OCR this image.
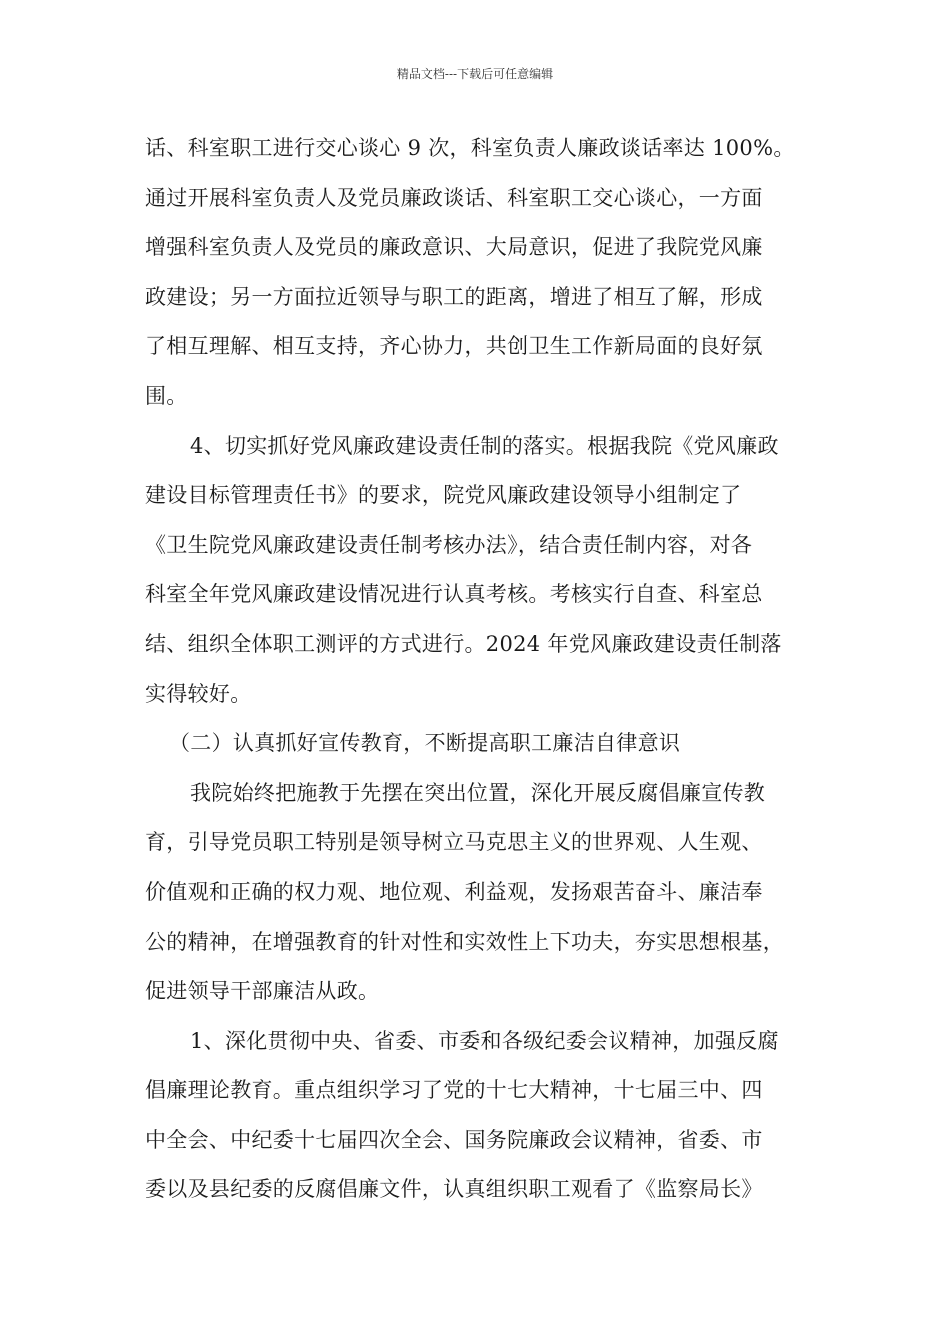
精品文档---下载后可任意编辑
话、科室职工进行交心谈心 9 次，科室负责人廉政谈话率达 100%。
通过开展科室负责人及党员廉政谈话、科室职工交心谈心，一方面
增强科室负责人及党员的廉政意识、大局意识，促进了我院党风廉
政建设；另一方面拉近领导与职工的距离，增进了相互了解，形成
了相互理解、相互支持，齐心协力，共创卫生工作新局面的良好氛
围。
4、切实抓好党风廉政建设责任制的落实。根据我院《党风廉政
建设目标管理责任书》的要求，院党风廉政建设领导小组制定了
《卫生院党风廉政建设责任制考核办法》，结合责任制内容，对各
科室全年党风廉政建设情况进行认真考核。考核实行自查、科室总
结、组织全体职工测评的方式进行。2024 年党风廉政建设责任制落
实得较好。
（二）认真抓好宣传教育，不断提高职工廉洁自律意识
我院始终把施教于先摆在突出位置，深化开展反腐倡廉宣传教
育，引导党员职工特别是领导树立马克思主义的世界观、人生观、
价值观和正确的权力观、地位观、利益观，发扬艰苦奋斗、廉洁奉
公的精神，在增强教育的针对性和实效性上下功夫，夯实思想根基，
促进领导干部廉洁从政。
1、深化贯彻中央、省委、市委和各级纪委会议精神，加强反腐
倡廉理论教育。重点组织学习了党的十七大精神，十七届三中、四
中全会、中纪委十七届四次全会、国务院廉政会议精神，省委、市
委以及县纪委的反腐倡廉文件，认真组织职工观看了《监察局长》
